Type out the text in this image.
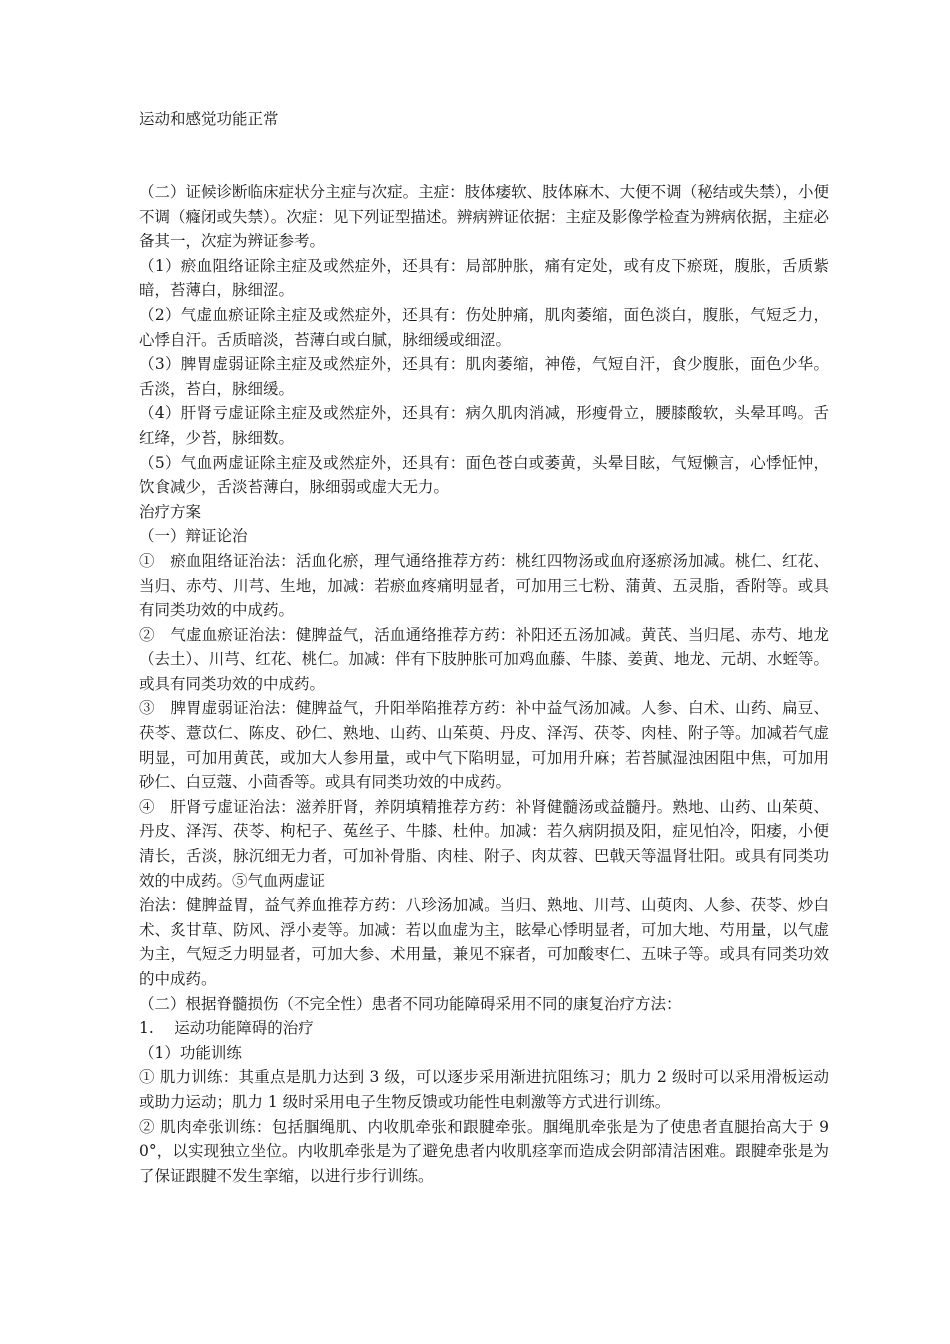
运动和感觉功能正常

（二）证候诊断临床症状分主症与次症。主症：肢体痿软、肢体麻木、大便不调（秘结或失禁），小便不调（癃闭或失禁）。次症：见下列证型描述。辨病辨证依据：主症及影像学检查为辨病依据，主症必备其一，次症为辨证参考。

（1）瘀血阻络证除主症及或然症外，还具有：局部肿胀，痛有定处，或有皮下瘀斑，腹胀，舌质紫暗，苔薄白，脉细涩。

（2）气虚血瘀证除主症及或然症外，还具有：伤处肿痛，肌肉萎缩，面色淡白，腹胀，气短乏力，心悸自汗。舌质暗淡，苔薄白或白腻，脉细缓或细涩。

（3）脾胃虚弱证除主症及或然症外，还具有：肌肉萎缩，神倦，气短自汗，食少腹胀，面色少华。舌淡，苔白，脉细缓。

（4）肝肾亏虚证除主症及或然症外，还具有：病久肌肉消减，形瘦骨立，腰膝酸软，头晕耳鸣。舌红绛，少苔，脉细数。

（5）气血两虚证除主症及或然症外，还具有：面色苍白或萎黄，头晕目眩，气短懒言，心悸怔忡，饮食减少，舌淡苔薄白，脉细弱或虚大无力。

治疗方案

（一）辩证论治

①　瘀血阻络证治法：活血化瘀，理气通络推荐方药：桃红四物汤或血府逐瘀汤加减。桃仁、红花、当归、赤芍、川芎、生地，加减：若瘀血疼痛明显者，可加用三七粉、蒲黄、五灵脂，香附等。或具有同类功效的中成药。

②　气虚血瘀证治法：健脾益气，活血通络推荐方药：补阳还五汤加减。黄芪、当归尾、赤芍、地龙（去土）、川芎、红花、桃仁。加减：伴有下肢肿胀可加鸡血藤、牛膝、姜黄、地龙、元胡、水蛭等。或具有同类功效的中成药。

③　脾胃虚弱证治法：健脾益气，升阳举陷推荐方药：补中益气汤加减。人参、白术、山药、扁豆、茯苓、薏苡仁、陈皮、砂仁、熟地、山药、山茱萸、丹皮、泽泻、茯苓、肉桂、附子等。加减若气虚明显，可加用黄芪，或加大人参用量，或中气下陷明显，可加用升麻；若苔腻湿浊困阻中焦，可加用砂仁、白豆蔻、小茴香等。或具有同类功效的中成药。

④　肝肾亏虚证治法：滋养肝肾，养阴填精推荐方药：补肾健髓汤或益髓丹。熟地、山药、山茱萸、丹皮、泽泻、茯苓、枸杞子、菟丝子、牛膝、杜仲。加减：若久病阴损及阳，症见怕冷，阳痿，小便清长，舌淡，脉沉细无力者，可加补骨脂、肉桂、附子、肉苁蓉、巴戟天等温肾壮阳。或具有同类功效的中成药。⑤气血两虚证

治法：健脾益胃，益气养血推荐方药：八珍汤加减。当归、熟地、川芎、山萸肉、人参、茯苓、炒白术、炙甘草、防风、浮小麦等。加减：若以血虚为主，眩晕心悸明显者，可加大地、芍用量，以气虚为主，气短乏力明显者，可加大参、术用量，兼见不寐者，可加酸枣仁、五味子等。或具有同类功效的中成药。

（二）根据脊髓损伤（不完全性）患者不同功能障碍采用不同的康复治疗方法：

1.　 运动功能障碍的治疗

（1）功能训练

① 肌力训练：其重点是肌力达到 3 级，可以逐步采用渐进抗阻练习；肌力 2 级时可以采用滑板运动或助力运动；肌力 1 级时采用电子生物反馈或功能性电刺激等方式进行训练。

② 肌肉牵张训练：包括腘绳肌、内收肌牵张和跟腱牵张。腘绳肌牵张是为了使患者直腿抬高大于 90°，以实现独立坐位。内收肌牵张是为了避免患者内收肌痉挛而造成会阴部清洁困难。跟腱牵张是为了保证跟腱不发生挛缩，以进行步行训练。
